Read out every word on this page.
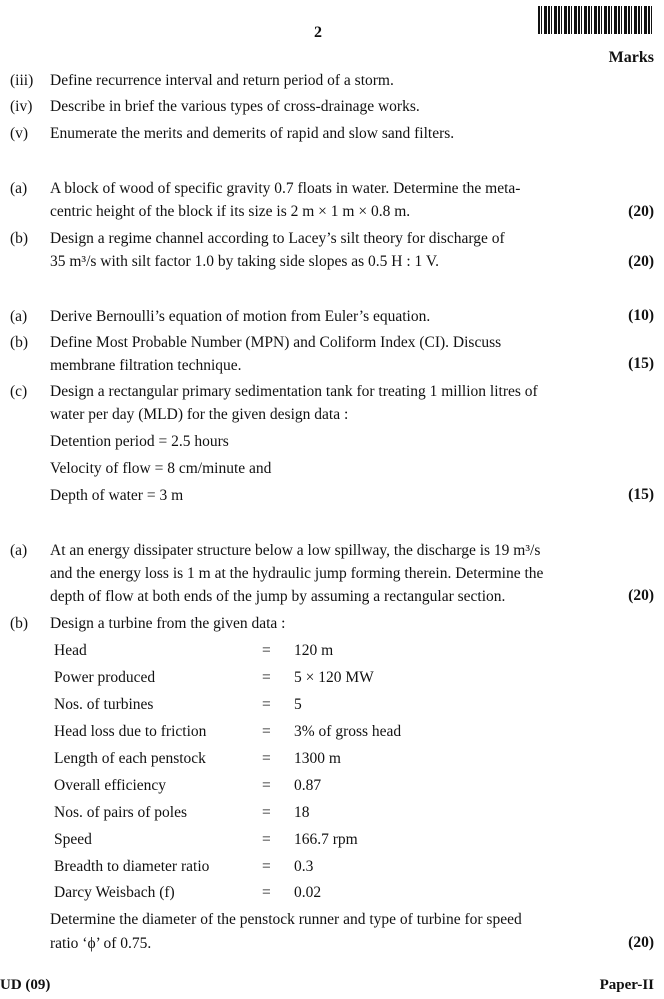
2
Marks
(iii) Define recurrence interval and return period of a storm.
(iv) Describe in brief the various types of cross-drainage works.
(v) Enumerate the merits and demerits of rapid and slow sand filters.
(a) A block of wood of specific gravity 0.7 floats in water. Determine the meta-
centric height of the block if its size is 2 m × 1 m × 0.8 m.	(20)
(b) Design a regime channel according to Lacey’s silt theory for discharge of
35 m³/s with silt factor 1.0 by taking side slopes as 0.5 H : 1 V.	(20)
(a) Derive Bernoulli’s equation of motion from Euler’s equation.	(10)
(b) Define Most Probable Number (MPN) and Coliform Index (CI). Discuss
membrane filtration technique.	(15)
(c) Design a rectangular primary sedimentation tank for treating 1 million litres of
water per day (MLD) for the given design data :
Detention period = 2.5 hours
Velocity of flow = 8 cm/minute and
Depth of water = 3 m	(15)
(a) At an energy dissipater structure below a low spillway, the discharge is 19 m³/s
and the energy loss is 1 m at the hydraulic jump forming therein. Determine the
depth of flow at both ends of the jump by assuming a rectangular section.	(20)
(b) Design a turbine from the given data :
Head	= 120 m
Power produced	= 5 × 120 MW
Nos. of turbines	= 5
Head loss due to friction	= 3% of gross head
Length of each penstock	= 1300 m
Overall efficiency	= 0.87
Nos. of pairs of poles	= 18
Speed	= 166.7 rpm
Breadth to diameter ratio	= 0.3
Darcy Weisbach (f)	= 0.02
Determine the diameter of the penstock runner and type of turbine for speed
ratio ‘ϕ’ of 0.75.	(20)
UD (09)	Paper-II
